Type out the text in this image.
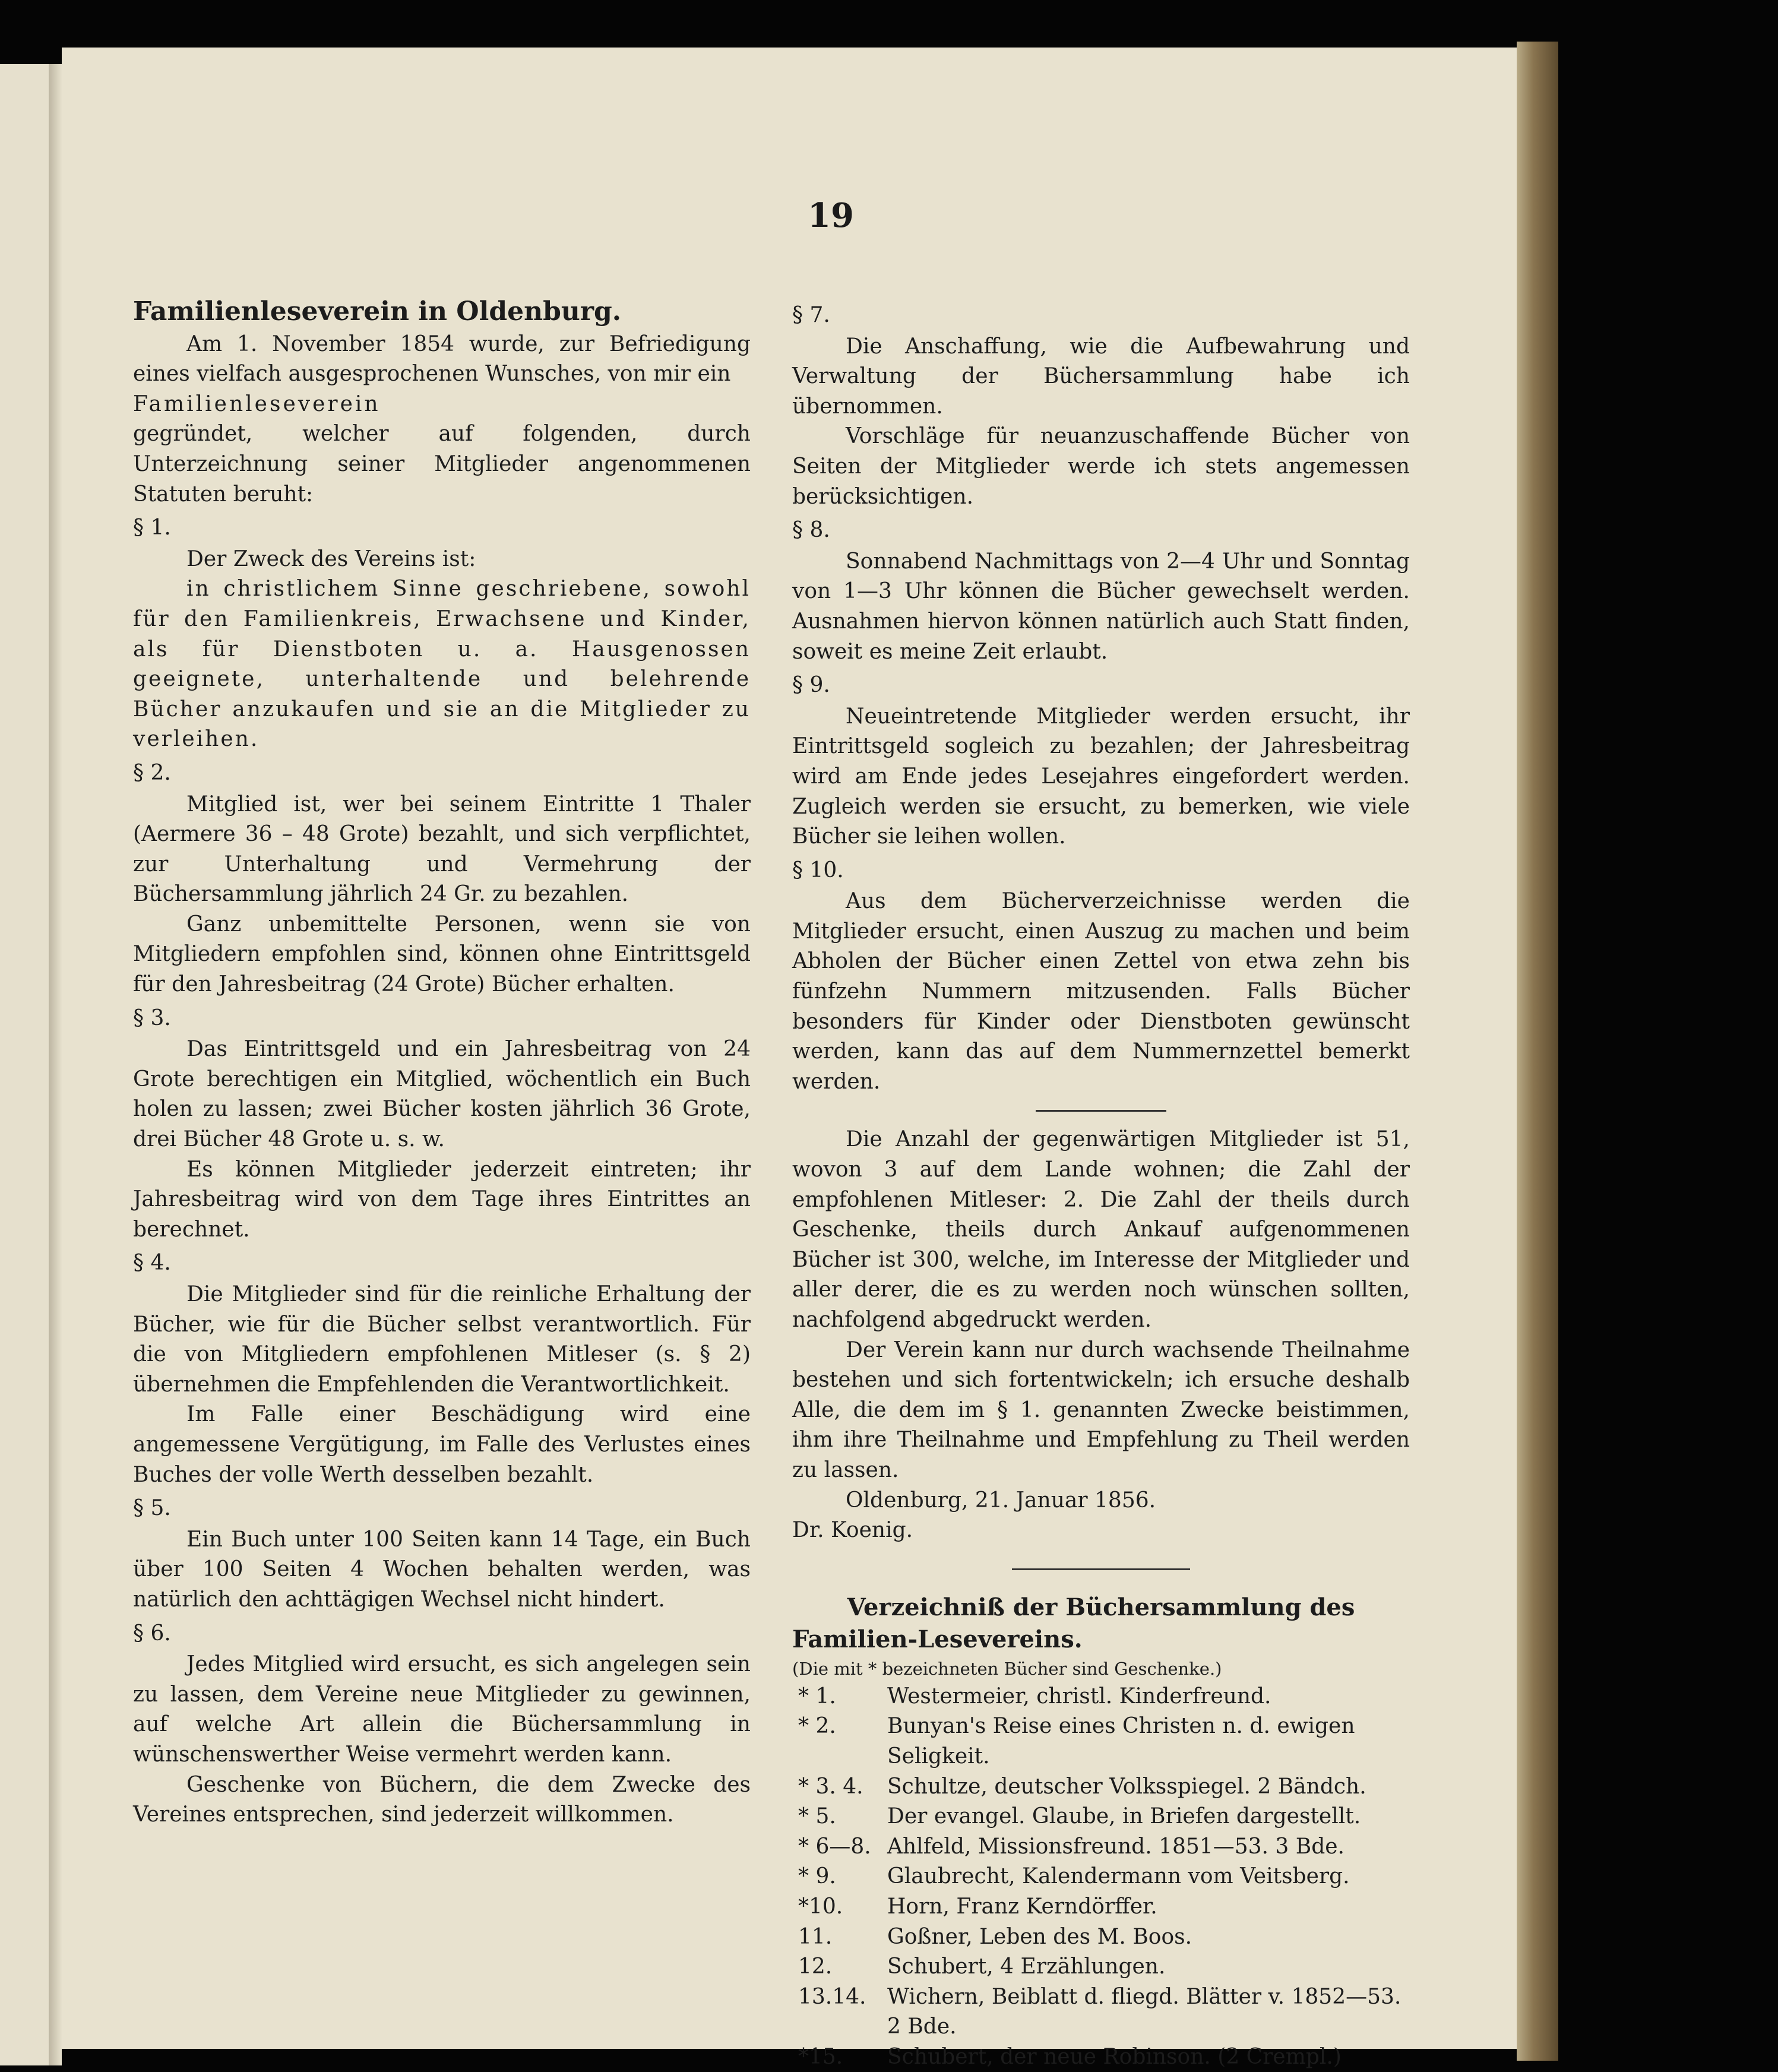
19

Familienleseverein in Oldenburg.

Am 1. November 1854 wurde, zur Befriedigung eines vielfach ausgesprochenen Wunsches, von mir ein

Familienleseverein

gegründet, welcher auf folgenden, durch Unterzeichnung seiner Mitglieder angenommenen Statuten beruht:

§ 1.

Der Zweck des Vereins ist:

in christlichem Sinne geschriebene, sowohl für den Familienkreis, Erwachsene und Kinder, als für Dienstboten u. a. Hausgenossen geeignete, unterhaltende und belehrende Bücher anzukaufen und sie an die Mitglieder zu verleihen.

§ 2.

Mitglied ist, wer bei seinem Eintritte 1 Thaler (Aermere 36 – 48 Grote) bezahlt, und sich verpflichtet, zur Unterhaltung und Vermehrung der Büchersammlung jährlich 24 Gr. zu bezahlen.

Ganz unbemittelte Personen, wenn sie von Mitgliedern empfohlen sind, können ohne Eintrittsgeld für den Jahresbeitrag (24 Grote) Bücher erhalten.

§ 3.

Das Eintrittsgeld und ein Jahresbeitrag von 24 Grote berechtigen ein Mitglied, wöchentlich ein Buch holen zu lassen; zwei Bücher kosten jährlich 36 Grote, drei Bücher 48 Grote u. s. w.

Es können Mitglieder jederzeit eintreten; ihr Jahresbeitrag wird von dem Tage ihres Eintrittes an berechnet.

§ 4.

Die Mitglieder sind für die reinliche Erhaltung der Bücher, wie für die Bücher selbst verantwortlich. Für die von Mitgliedern empfohlenen Mitleser (s. § 2) übernehmen die Empfehlenden die Verantwortlichkeit.

Im Falle einer Beschädigung wird eine angemessene Vergütigung, im Falle des Verlustes eines Buches der volle Werth desselben bezahlt.

§ 5.

Ein Buch unter 100 Seiten kann 14 Tage, ein Buch über 100 Seiten 4 Wochen behalten werden, was natürlich den achttägigen Wechsel nicht hindert.

§ 6.

Jedes Mitglied wird ersucht, es sich angelegen sein zu lassen, dem Vereine neue Mitglieder zu gewinnen, auf welche Art allein die Büchersammlung in wünschenswerther Weise vermehrt werden kann.

Geschenke von Büchern, die dem Zwecke des Vereines entsprechen, sind jederzeit willkommen.

§ 7.

Die Anschaffung, wie die Aufbewahrung und Verwaltung der Büchersammlung habe ich übernommen.

Vorschläge für neuanzuschaffende Bücher von Seiten der Mitglieder werde ich stets angemessen berücksichtigen.

§ 8.

Sonnabend Nachmittags von 2—4 Uhr und Sonntag von 1—3 Uhr können die Bücher gewechselt werden. Ausnahmen hiervon können natürlich auch Statt finden, soweit es meine Zeit erlaubt.

§ 9.

Neueintretende Mitglieder werden ersucht, ihr Eintrittsgeld sogleich zu bezahlen; der Jahresbeitrag wird am Ende jedes Lesejahres eingefordert werden. Zugleich werden sie ersucht, zu bemerken, wie viele Bücher sie leihen wollen.

§ 10.

Aus dem Bücherverzeichnisse werden die Mitglieder ersucht, einen Auszug zu machen und beim Abholen der Bücher einen Zettel von etwa zehn bis fünfzehn Nummern mitzusenden. Falls Bücher besonders für Kinder oder Dienstboten gewünscht werden, kann das auf dem Nummernzettel bemerkt werden.

Die Anzahl der gegenwärtigen Mitglieder ist 51, wovon 3 auf dem Lande wohnen; die Zahl der empfohlenen Mitleser: 2. Die Zahl der theils durch Geschenke, theils durch Ankauf aufgenommenen Bücher ist 300, welche, im Interesse der Mitglieder und aller derer, die es zu werden noch wünschen sollten, nachfolgend abgedruckt werden.

Der Verein kann nur durch wachsende Theilnahme bestehen und sich fortentwickeln; ich ersuche deshalb Alle, die dem im § 1. genannten Zwecke beistimmen, ihm ihre Theilnahme und Empfehlung zu Theil werden zu lassen.

Oldenburg, 21. Januar 1856.

Dr. Koenig.

Verzeichniß der Büchersammlung des Familien-Lesevereins.

(Die mit * bezeichneten Bücher sind Geschenke.)

* 1.	Westermeier, christl. Kinderfreund.
* 2.	Bunyan's Reise eines Christen n. d. ewigen Seligkeit.
* 3. 4.	Schultze, deutscher Volksspiegel. 2 Bändch.
* 5.	Der evangel. Glaube, in Briefen dargestellt.
* 6—8. Ahlfeld, Missionsfreund. 1851—53. 3 Bde.
* 9.	Glaubrecht, Kalendermann vom Veitsberg.
*10.	Horn, Franz Kerndörffer.
11.	Goßner, Leben des M. Boos.
12.	Schubert, 4 Erzählungen.
13.14. Wichern, Beiblatt d. fliegd. Blätter v. 1852—53. 2 Bde.
*15.	Schubert, der neue Robinson. (2 Crempl.)
